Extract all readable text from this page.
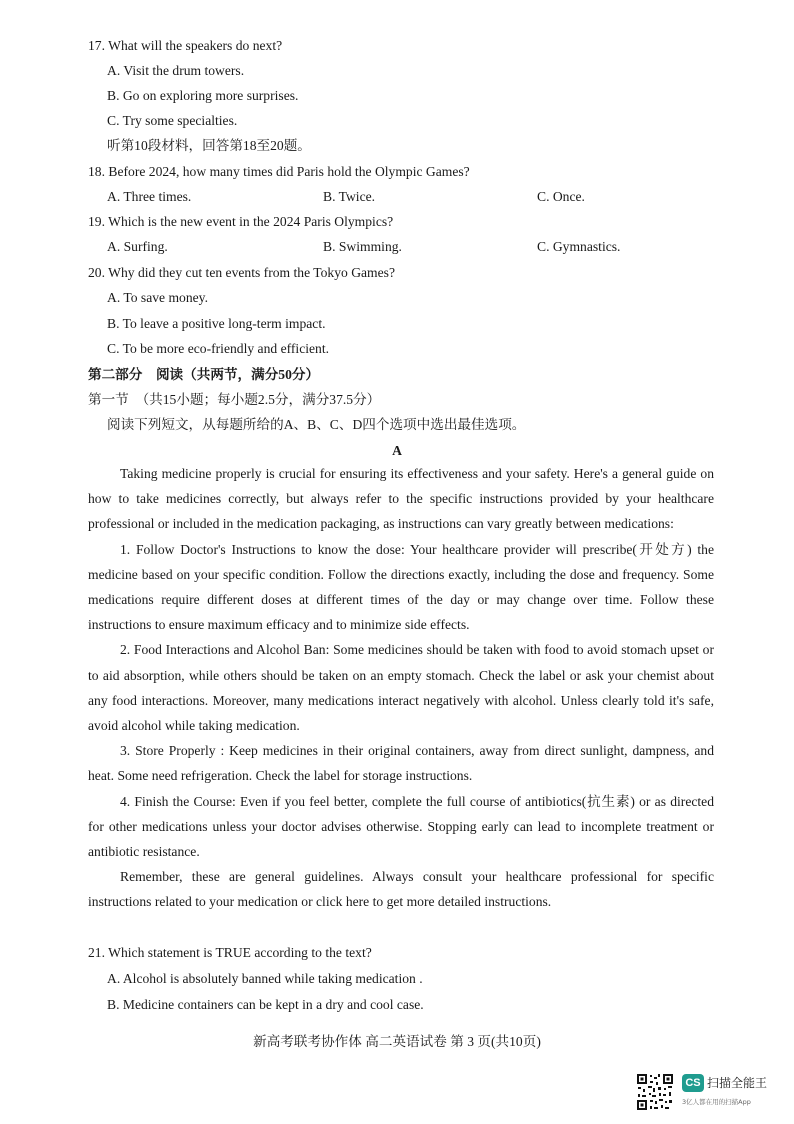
17. What will the speakers do next?
A. Visit the drum towers.
B. Go on exploring more surprises.
C. Try some specialties.
听第10段材料，回答第18至20题。
18. Before 2024, how many times did Paris hold the Olympic Games?
A. Three times.	B. Twice.	C. Once.
19. Which is the new event in the 2024 Paris Olympics?
A. Surfing.	B. Swimming.	C. Gymnastics.
20. Why did they cut ten events from the Tokyo Games?
A. To save money.
B. To leave a positive long-term impact.
C. To be more eco-friendly and efficient.
第二部分　阅读（共两节，满分50分）
第一节　（共15小题；每小题2.5分，满分37.5分）
阅读下列短文，从每题所给的A、B、C、D四个选项中选出最佳选项。
A

Taking medicine properly is crucial for ensuring its effectiveness and your safety. Here's a general guide on how to take medicines correctly, but always refer to the specific instructions provided by your healthcare professional or included in the medication packaging, as instructions can vary greatly between medications:

1. Follow Doctor's Instructions to know the dose: Your healthcare provider will prescribe(开处方) the medicine based on your specific condition. Follow the directions exactly, including the dose and frequency. Some medications require different doses at different times of the day or may change over time. Follow these instructions to ensure maximum efficacy and to minimize side effects.

2. Food Interactions and Alcohol Ban: Some medicines should be taken with food to avoid stomach upset or to aid absorption, while others should be taken on an empty stomach. Check the label or ask your chemist about any food interactions. Moreover, many medications interact negatively with alcohol. Unless clearly told it's safe, avoid alcohol while taking medication.

3. Store Properly : Keep medicines in their original containers, away from direct sunlight, dampness, and heat. Some need refrigeration. Check the label for storage instructions.

4. Finish the Course: Even if you feel better, complete the full course of antibiotics(抗生素) or as directed for other medications unless your doctor advises otherwise. Stopping early can lead to incomplete treatment or antibiotic resistance.

Remember, these are general guidelines. Always consult your healthcare professional for specific instructions related to your medication or click here to get more detailed instructions.

21. Which statement is TRUE according to the text?
A. Alcohol is absolutely banned while taking medication .
B. Medicine containers can be kept in a dry and cool case.
新高考联考协作体 高二英语试卷 第 3 页(共10页)
CS 扫描全能王
3亿人都在用的扫描App
